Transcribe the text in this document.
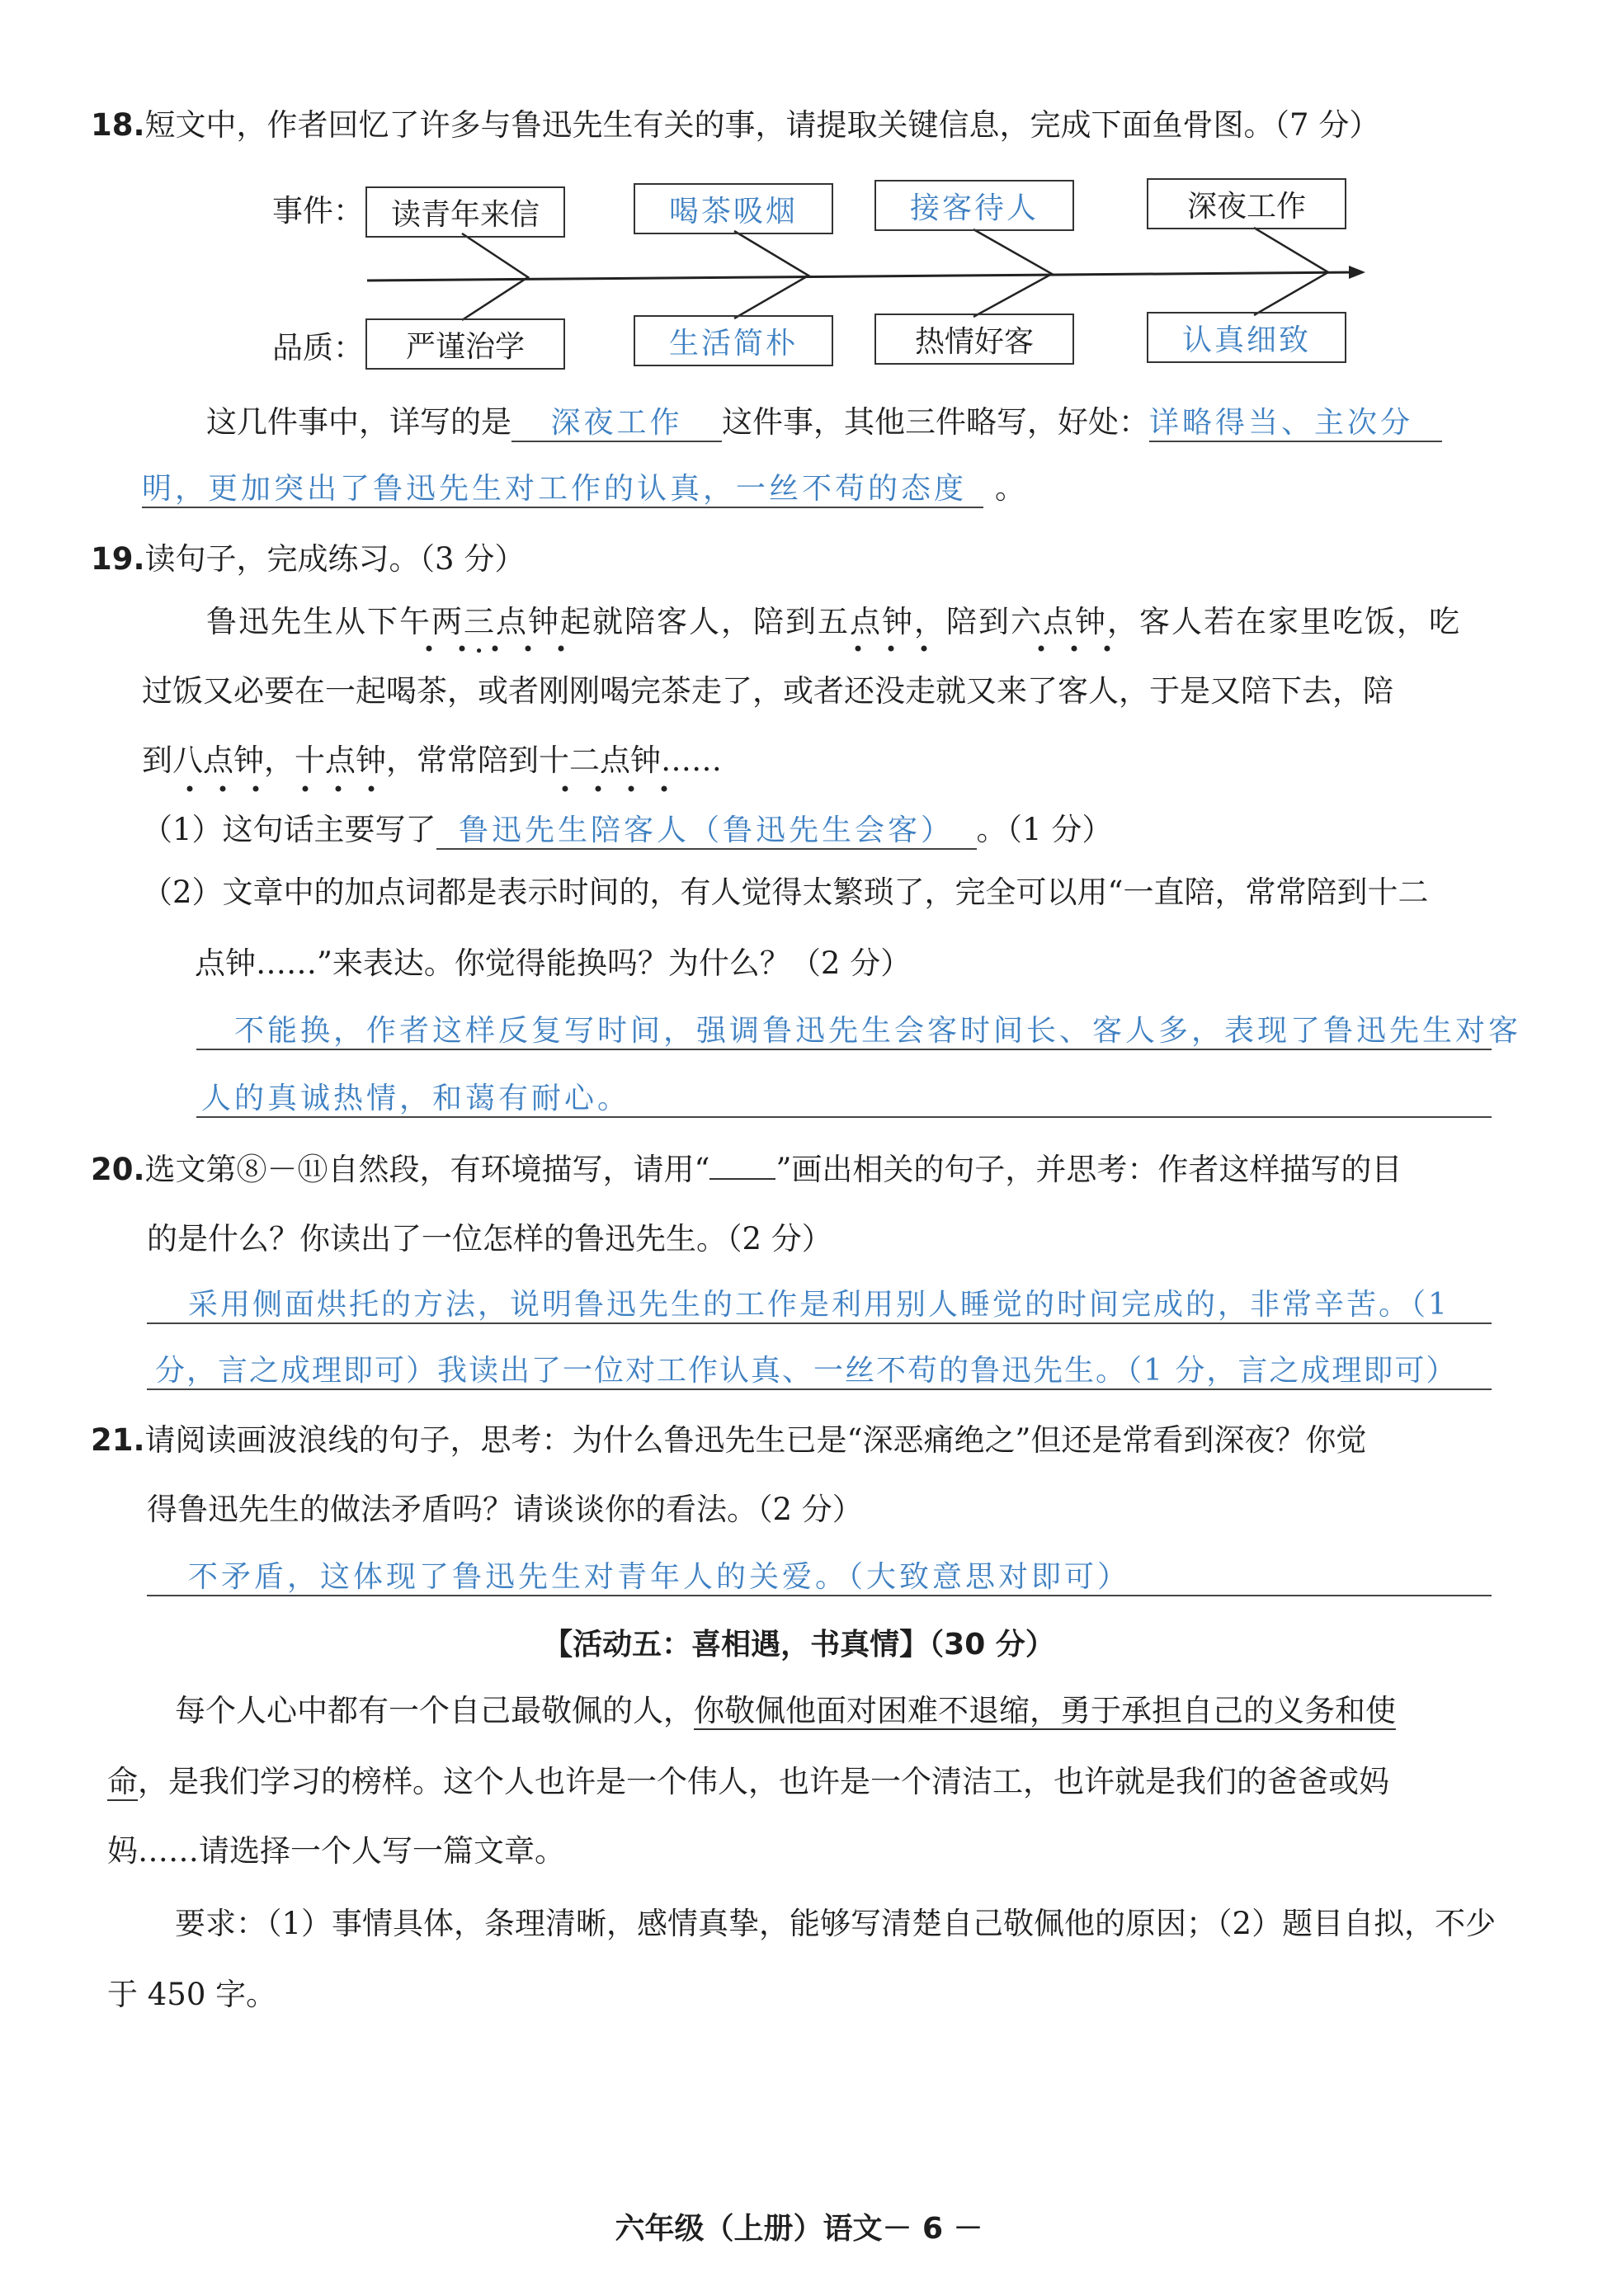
18.短文中，作者回忆了许多与鲁迅先生有关的事，请提取关键信息，完成下面鱼骨图。（7 分）
事件：
品质：
读青年来信	喝茶吸烟	接客待人	深夜工作
严谨治学	生活简朴	热情好客	认真细致
这几件事中，详写的是 深夜工作 这件事，其他三件略写，好处：详略得当、主次分
明，更加突出了鲁迅先生对工作的认真，一丝不苟的态度 。
19.读句子，完成练习。（3 分）
鲁迅先生从下午两三点钟 •起就陪客人，陪到五点钟，陪到六点钟，客人若在家里吃饭，吃
过饭又必要在一起喝茶，或者刚刚喝完茶走了，或者还没走就又来了客人，于是又陪下去，陪
到八点钟，十点钟，常常陪到十二点钟……
（1）这句话主要写了 鲁迅先生陪客人（鲁迅先生会客） 。（1 分）
（2）文章中的加点词都是表示时间的，有人觉得太繁琐了，完全可以用“一直陪，常常陪到十二
点钟……”来表达。你觉得能换吗？为什么？（2 分）
不能换，作者这样反复写时间，强调鲁迅先生会客时间长、客人多，表现了鲁迅先生对客
人的真诚热情，和蔼有耐心。
20.选文第⑧－⑪自然段，有环境描写，请用“ ”画出相关的句子，并思考：作者这样描写的目
的是什么？你读出了一位怎样的鲁迅先生。（2 分）
采用侧面烘托的方法，说明鲁迅先生的工作是利用别人睡觉的时间完成的，非常辛苦。（1
分，言之成理即可）我读出了一位对工作认真、一丝不苟的鲁迅先生。（1 分，言之成理即可）
21.请阅读画波浪线的句子，思考：为什么鲁迅先生已是“深恶痛绝之”但还是常看到深夜？你觉
得鲁迅先生的做法矛盾吗？请谈谈你的看法。（2 分）
不矛盾，这体现了鲁迅先生对青年人的关爱。（大致意思对即可）
【活动五：喜相遇，书真情】（30 分）
每个人心中都有一个自己最敬佩的人，你敬佩他面对困难不退缩，勇于承担自己的义务和使
命，是我们学习的榜样。这个人也许是一个伟人，也许是一个清洁工，也许就是我们的爸爸或妈
妈……请选择一个人写一篇文章。
要求：（1）事情具体，条理清晰，感情真挚，能够写清楚自己敬佩他的原因；（2）题目自拟，不少
于 450 字。
六年级（上册）语文－ 6 －
